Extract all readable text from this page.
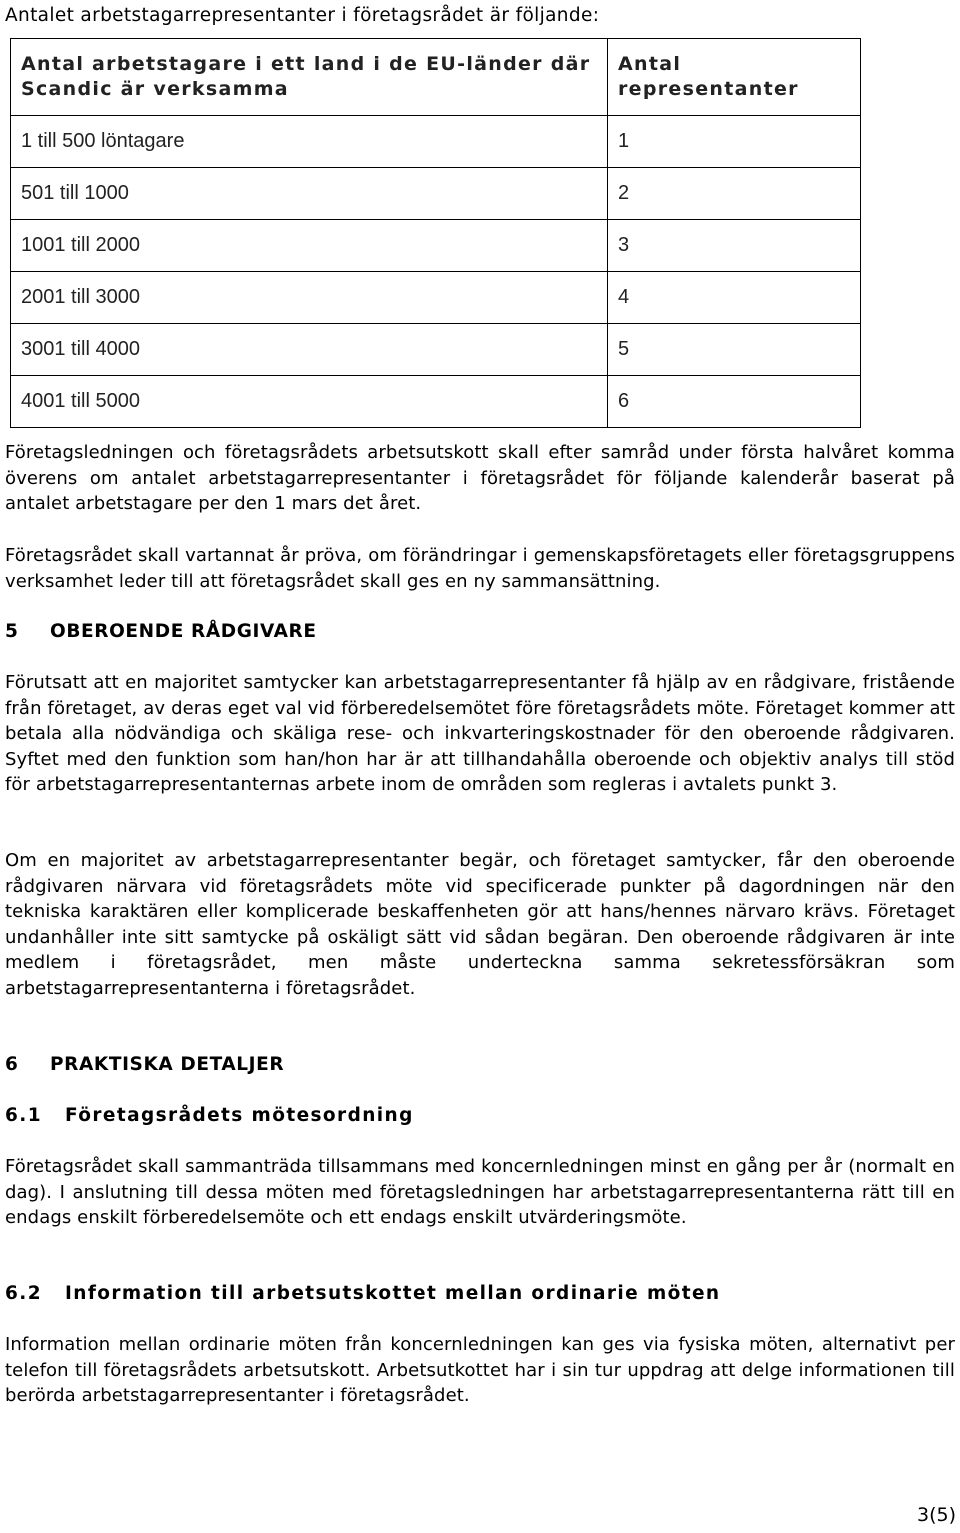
Antalet arbetstagarrepresentanter i företagsrådet är följande:
Antal arbetstagare i ett land i de EU-länder där Scandic är verksamma	Antal representanter
1 till 500 löntagare	1
501 till 1000	2
1001 till 2000	3
2001 till 3000	4
3001 till 4000	5
4001 till 5000	6
Företagsledningen och företagsrådets arbetsutskott skall efter samråd under första halvåret komma överens om antalet arbetstagarrepresentanter i företagsrådet för följande kalenderår baserat på antalet arbetstagare per den 1 mars det året.
Företagsrådet skall vartannat år pröva, om förändringar i gemenskapsföretagets eller företagsgruppens verksamhet leder till att företagsrådet skall ges en ny sammansättning.
5 OBEROENDE RÅDGIVARE
Förutsatt att en majoritet samtycker kan arbetstagarrepresentanter få hjälp av en rådgivare, fristående från företaget, av deras eget val vid förberedelsemötet före företagsrådets möte. Företaget kommer att betala alla nödvändiga och skäliga rese- och inkvarteringskostnader för den oberoende rådgivaren. Syftet med den funktion som han/hon har är att tillhandahålla oberoende och objektiv analys till stöd för arbetstagarrepresentanternas arbete inom de områden som regleras i avtalets punkt 3.
Om en majoritet av arbetstagarrepresentanter begär, och företaget samtycker, får den oberoende rådgivaren närvara vid företagsrådets möte vid specificerade punkter på dagordningen när den tekniska karaktären eller komplicerade beskaffenheten gör att hans/hennes närvaro krävs. Företaget undanhåller inte sitt samtycke på oskäligt sätt vid sådan begäran. Den oberoende rådgivaren är inte medlem i företagsrådet, men måste underteckna samma sekretessförsäkran som arbetstagarrepresentanterna i företagsrådet.
6 PRAKTISKA DETALJER
6.1 Företagsrådets mötesordning
Företagsrådet skall sammanträda tillsammans med koncernledningen minst en gång per år (normalt en dag). I anslutning till dessa möten med företagsledningen har arbetstagarrepresentanterna rätt till en endags enskilt förberedelsemöte och ett endags enskilt utvärderingsmöte.
6.2 Information till arbetsutskottet mellan ordinarie möten
Information mellan ordinarie möten från koncernledningen kan ges via fysiska möten, alternativt per telefon till företagsrådets arbetsutskott. Arbetsutkottet har i sin tur uppdrag att delge informationen till berörda arbetstagarrepresentanter i företagsrådet.
3(5)
